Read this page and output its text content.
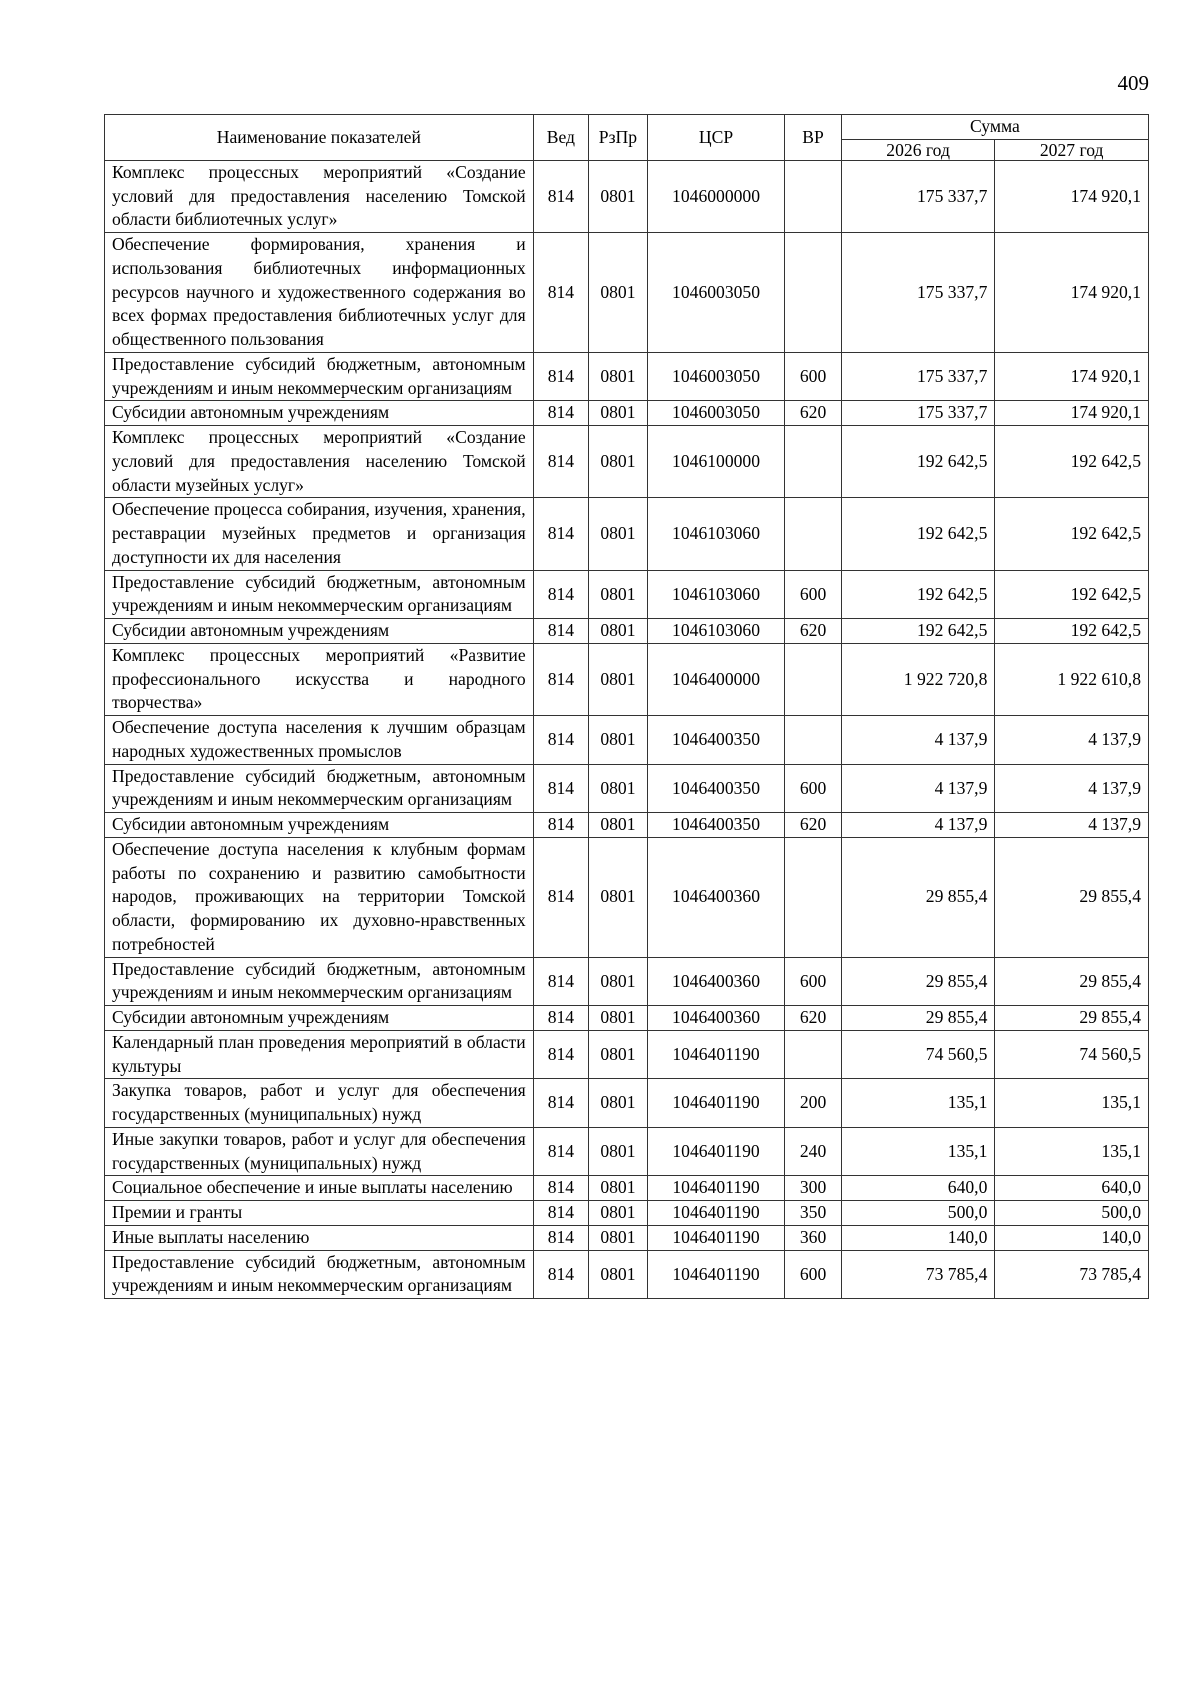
409
Наименование показателей	Вед	РзПр	ЦСР	ВР	Сумма	
					2026 год	2027 год
Комплекс процессных мероприятий «Создание условий для предоставления населению Томской области библиотечных услуг»	814	0801	1046000000		175 337,7	174 920,1
Обеспечение формирования, хранения и использования библиотечных информационных ресурсов научного и художественного содержания во всех формах предоставления библиотечных услуг для общественного пользования	814	0801	1046003050		175 337,7	174 920,1
Предоставление субсидий бюджетным, автономным учреждениям и иным некоммерческим организациям	814	0801	1046003050	600	175 337,7	174 920,1
Субсидии автономным учреждениям	814	0801	1046003050	620	175 337,7	174 920,1
Комплекс процессных мероприятий «Создание условий для предоставления населению Томской области музейных услуг»	814	0801	1046100000		192 642,5	192 642,5
Обеспечение процесса собирания, изучения, хранения, реставрации музейных предметов и организация доступности их для населения	814	0801	1046103060		192 642,5	192 642,5
Предоставление субсидий бюджетным, автономным учреждениям и иным некоммерческим организациям	814	0801	1046103060	600	192 642,5	192 642,5
Субсидии автономным учреждениям	814	0801	1046103060	620	192 642,5	192 642,5
Комплекс процессных мероприятий «Развитие профессионального искусства и народного творчества»	814	0801	1046400000		1 922 720,8	1 922 610,8
Обеспечение доступа населения к лучшим образцам народных художественных промыслов	814	0801	1046400350		4 137,9	4 137,9
Предоставление субсидий бюджетным, автономным учреждениям и иным некоммерческим организациям	814	0801	1046400350	600	4 137,9	4 137,9
Субсидии автономным учреждениям	814	0801	1046400350	620	4 137,9	4 137,9
Обеспечение доступа населения к клубным формам работы по сохранению и развитию самобытности народов, проживающих на территории Томской области, формированию их духовно-нравственных потребностей	814	0801	1046400360		29 855,4	29 855,4
Предоставление субсидий бюджетным, автономным учреждениям и иным некоммерческим организациям	814	0801	1046400360	600	29 855,4	29 855,4
Субсидии автономным учреждениям	814	0801	1046400360	620	29 855,4	29 855,4
Календарный план проведения мероприятий в области культуры	814	0801	1046401190		74 560,5	74 560,5
Закупка товаров, работ и услуг для обеспечения государственных (муниципальных) нужд	814	0801	1046401190	200	135,1	135,1
Иные закупки товаров, работ и услуг для обеспечения государственных (муниципальных) нужд	814	0801	1046401190	240	135,1	135,1
Социальное обеспечение и иные выплаты населению	814	0801	1046401190	300	640,0	640,0
Премии и гранты	814	0801	1046401190	350	500,0	500,0
Иные выплаты населению	814	0801	1046401190	360	140,0	140,0
Предоставление субсидий бюджетным, автономным учреждениям и иным некоммерческим организациям	814	0801	1046401190	600	73 785,4	73 785,4
